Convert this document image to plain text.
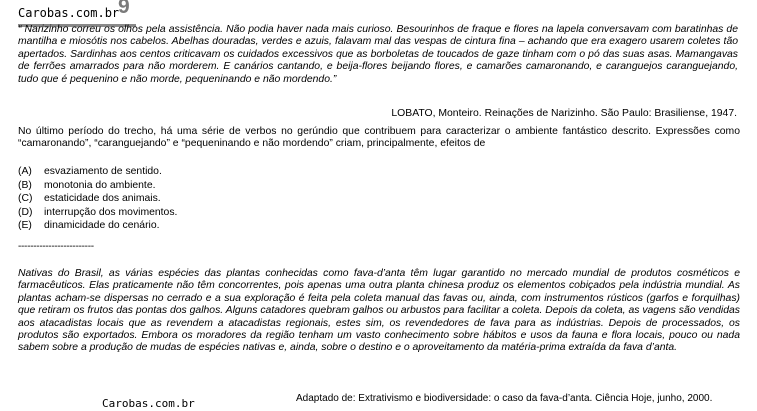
Carobas.com.br
9
“ Narizinho correu os olhos pela assistência. Não podia haver nada mais curioso. Besourinhos de fraque e flores na lapela conversavam com baratinhas de mantilha e miosótis nos cabelos. Abelhas douradas, verdes e azuis, falavam mal das vespas de cintura fina – achando que era exagero usarem coletes tão apertados. Sardinhas aos centos criticavam os cuidados excessivos que as borboletas de toucados de gaze tinham com o pó das suas asas. Mamangavas de ferrões amarrados para não morderem. E canários cantando, e beija-flores beijando flores, e camarões camaronando, e caranguejos caranguejando, tudo que é pequenino e não morde, pequeninando e não mordendo.”
LOBATO, Monteiro. Reinações de Narizinho. São Paulo: Brasiliense, 1947.
No último período do trecho, há uma série de verbos no gerúndio que contribuem para caracterizar o ambiente fantástico descrito. Expressões como “camaronando”, “caranguejando” e “pequeninando e não mordendo” criam, principalmente, efeitos de
(A) esvaziamento de sentido.
(B) monotonia do ambiente.
(C) estaticidade dos animais.
(D) interrupção dos movimentos.
(E) dinamicidade do cenário.
-------------------------
Nativas do Brasil, as várias espécies das plantas conhecidas como fava-d’anta têm lugar garantido no mercado mundial de produtos cosméticos e farmacêuticos. Elas praticamente não têm concorrentes, pois apenas uma outra planta chinesa produz os elementos cobiçados pela indústria mundial. As plantas acham-se dispersas no cerrado e a sua exploração é feita pela coleta manual das favas ou, ainda, com instrumentos rústicos (garfos e forquilhas) que retiram os frutos das pontas dos galhos. Alguns catadores quebram galhos ou arbustos para facilitar a coleta. Depois da coleta, as vagens são vendidas aos atacadistas locais que as revendem a atacadistas regionais, estes sim, os revendedores de fava para as indústrias. Depois de processados, os produtos são exportados. Embora os moradores da região tenham um vasto conhecimento sobre hábitos e usos da fauna e flora locais, pouco ou nada sabem sobre a produção de mudas de espécies nativas e, ainda, sobre o destino e o aproveitamento da matéria-prima extraída da fava d’anta.
Adaptado de: Extrativismo e biodiversidade: o caso da fava-d’anta. Ciência Hoje, junho, 2000.
Carobas.com.br
